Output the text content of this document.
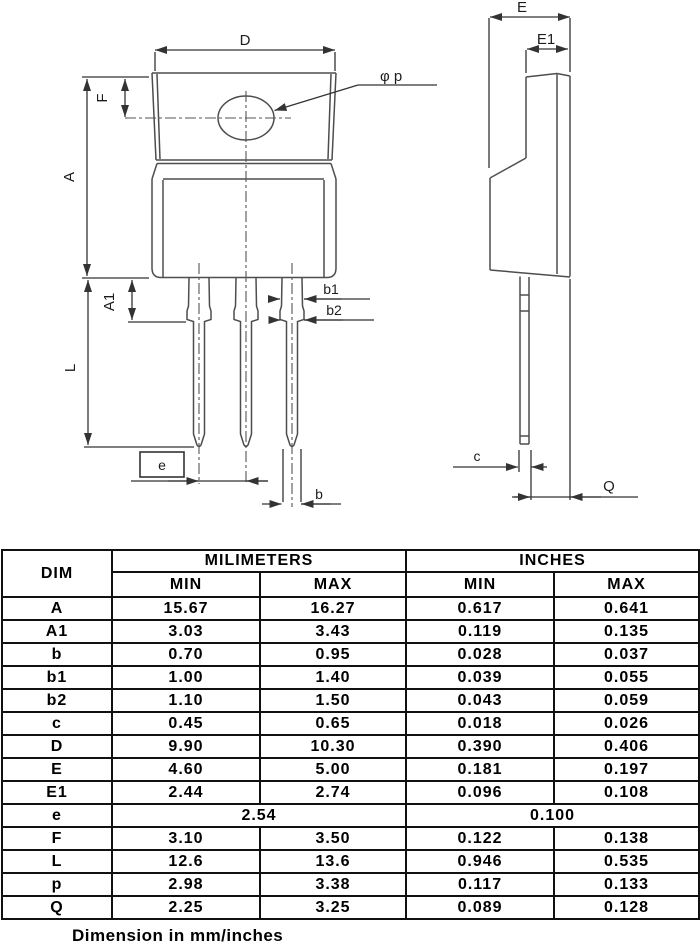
D
A
F
A1
L
e
b1
b2
b
φ p
E
E1
c
Q
DIM	MILIMETERS		INCHES	
	MIN	MAX	MIN	MAX
A	15.67	16.27	0.617	0.641
A1	3.03	3.43	0.119	0.135
b	0.70	0.95	0.028	0.037
b1	1.00	1.40	0.039	0.055
b2	1.10	1.50	0.043	0.059
c	0.45	0.65	0.018	0.026
D	9.90	10.30	0.390	0.406
E	4.60	5.00	0.181	0.197
E1	2.44	2.74	0.096	0.108
e	2.54		0.100	
F	3.10	3.50	0.122	0.138
L	12.6	13.6	0.946	0.535
p	2.98	3.38	0.117	0.133
Q	2.25	3.25	0.089	0.128
Dimension in mm/inches
